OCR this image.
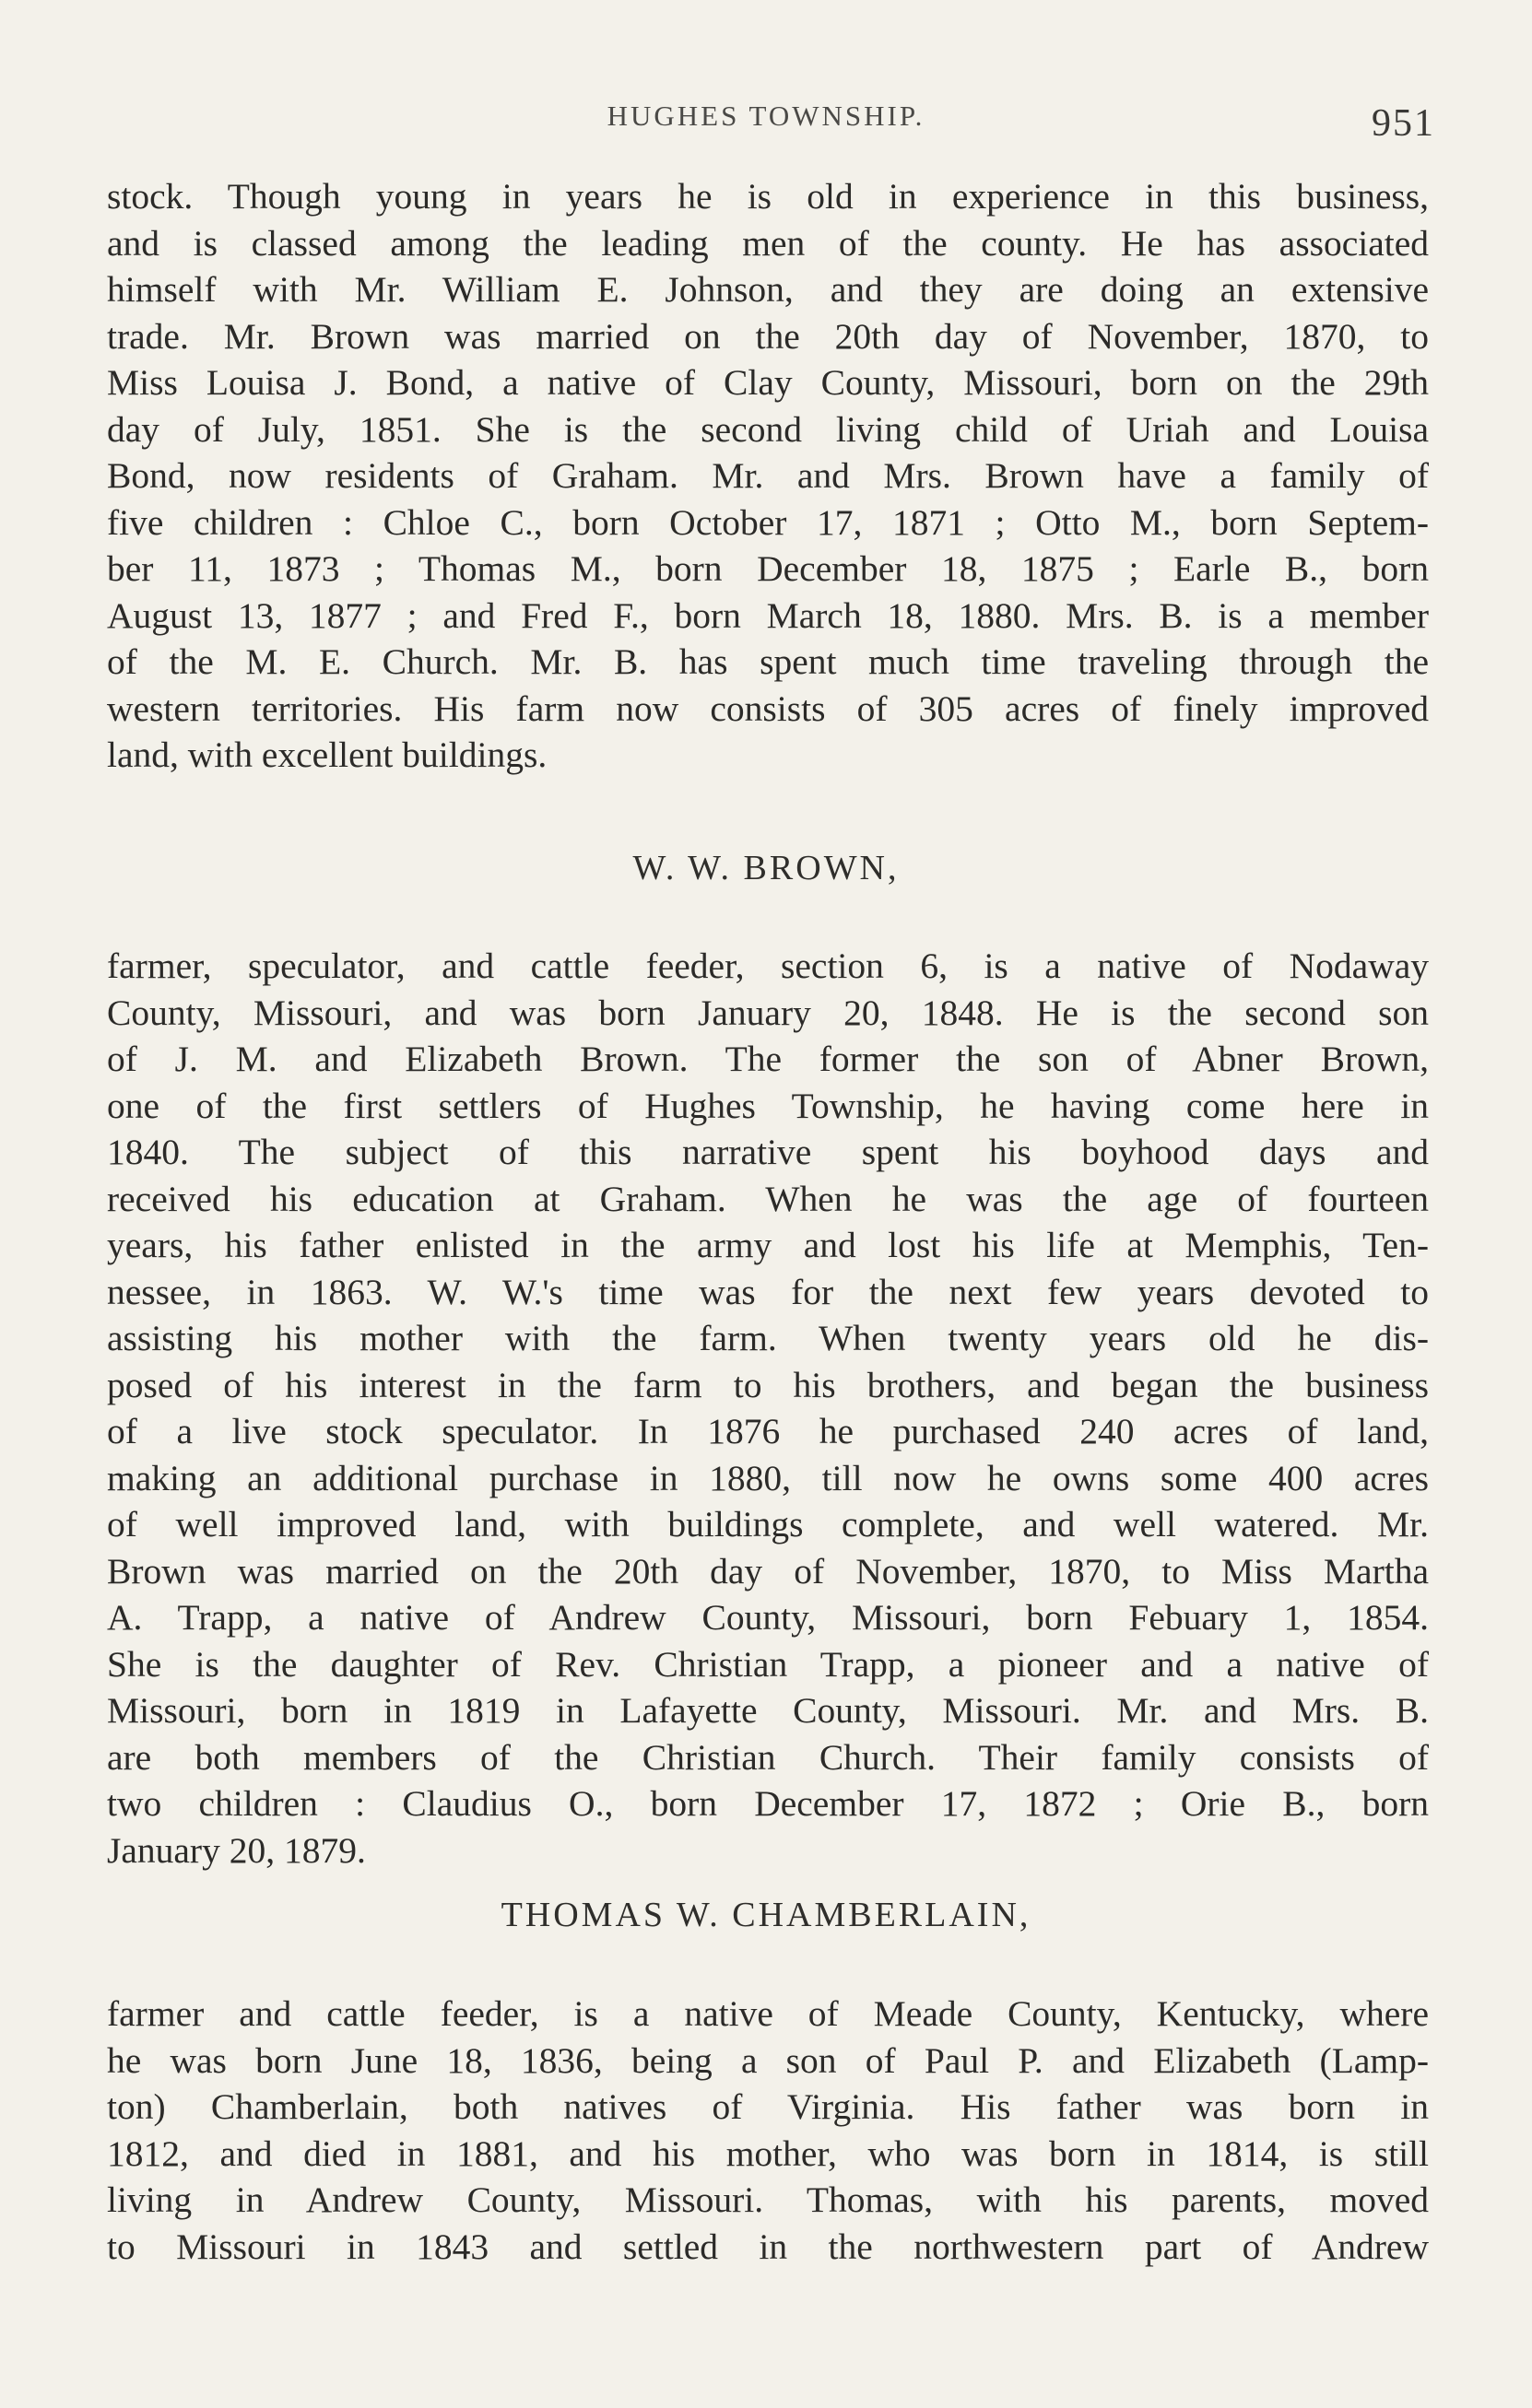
HUGHES TOWNSHIP.	951
stock. Though young in years he is old in experience in this business,
and is classed among the leading men of the county. He has associated
himself with Mr. William E. Johnson, and they are doing an extensive
trade. Mr. Brown was married on the 20th day of November, 1870, to
Miss Louisa J. Bond, a native of Clay County, Missouri, born on the 29th
day of July, 1851. She is the second living child of Uriah and Louisa
Bond, now residents of Graham. Mr. and Mrs. Brown have a family of
five children : Chloe C., born October 17, 1871 ; Otto M., born Septem-
ber 11, 1873 ; Thomas M., born December 18, 1875 ; Earle B., born
August 13, 1877 ; and Fred F., born March 18, 1880. Mrs. B. is a member
of the M. E. Church. Mr. B. has spent much time traveling through the
western territories. His farm now consists of 305 acres of finely improved
land, with excellent buildings.
W. W. BROWN,
farmer, speculator, and cattle feeder, section 6, is a native of Nodaway
County, Missouri, and was born January 20, 1848. He is the second son
of J. M. and Elizabeth Brown. The former the son of Abner Brown,
one of the first settlers of Hughes Township, he having come here in
1840. The subject of this narrative spent his boyhood days and
received his education at Graham. When he was the age of fourteen
years, his father enlisted in the army and lost his life at Memphis, Ten-
nessee, in 1863. W. W.'s time was for the next few years devoted to
assisting his mother with the farm. When twenty years old he dis-
posed of his interest in the farm to his brothers, and began the business
of a live stock speculator. In 1876 he purchased 240 acres of land,
making an additional purchase in 1880, till now he owns some 400 acres
of well improved land, with buildings complete, and well watered. Mr.
Brown was married on the 20th day of November, 1870, to Miss Martha
A. Trapp, a native of Andrew County, Missouri, born Febuary 1, 1854.
She is the daughter of Rev. Christian Trapp, a pioneer and a native of
Missouri, born in 1819 in Lafayette County, Missouri. Mr. and Mrs. B.
are both members of the Christian Church. Their family consists of
two children : Claudius O., born December 17, 1872 ; Orie B., born
January 20, 1879.
THOMAS W. CHAMBERLAIN,
farmer and cattle feeder, is a native of Meade County, Kentucky, where
he was born June 18, 1836, being a son of Paul P. and Elizabeth (Lamp-
ton) Chamberlain, both natives of Virginia. His father was born in
1812, and died in 1881, and his mother, who was born in 1814, is still
living in Andrew County, Missouri. Thomas, with his parents, moved
to Missouri in 1843 and settled in the northwestern part of Andrew
